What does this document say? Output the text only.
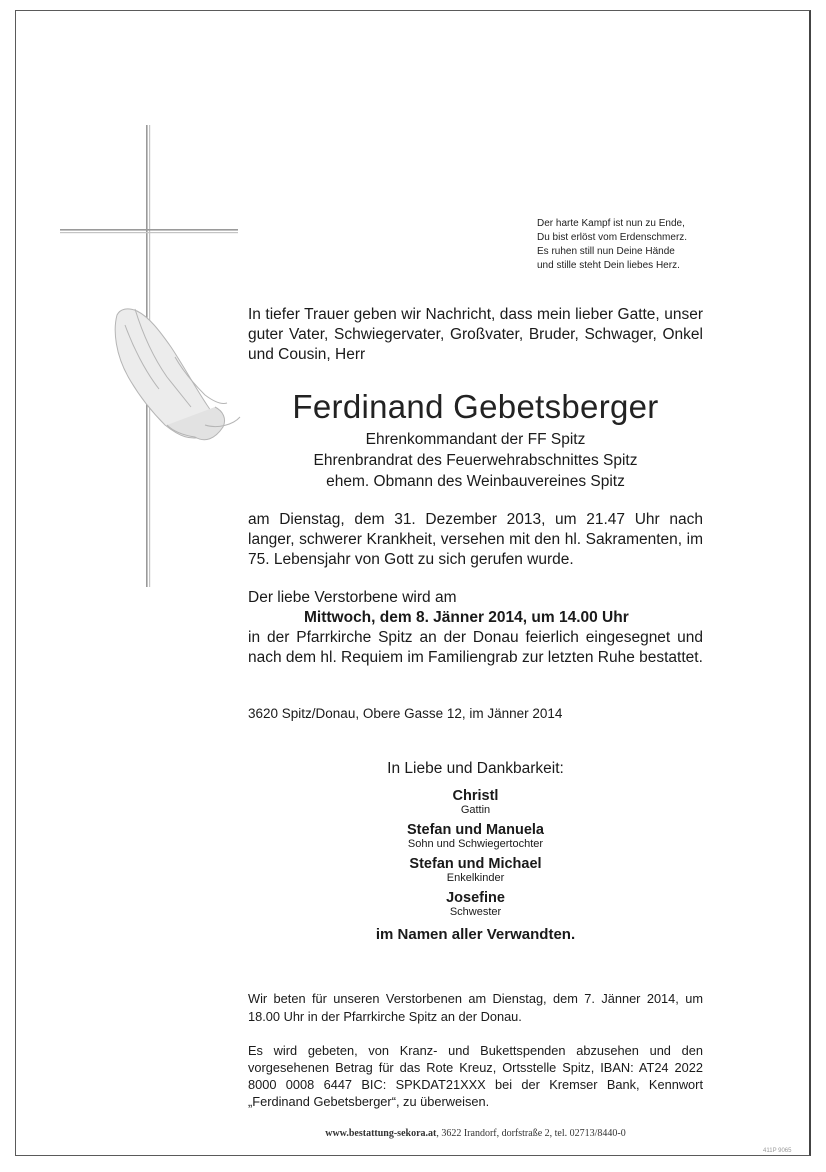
Der harte Kampf ist nun zu Ende,
Du bist erlöst vom Erdenschmerz.
Es ruhen still nun Deine Hände
und stille steht Dein liebes Herz.
In tiefer Trauer geben wir Nachricht, dass mein lieber Gatte, unser guter Vater, Schwiegervater, Großvater, Bruder, Schwager, Onkel und Cousin, Herr
Ferdinand Gebetsberger
Ehrenkommandant der FF Spitz
Ehrenbrandrat des Feuerwehrabschnittes Spitz
ehem. Obmann des Weinbauvereines Spitz
am Dienstag, dem 31. Dezember 2013, um 21.47 Uhr nach langer, schwerer Krankheit, versehen mit den hl. Sakramenten, im 75. Lebensjahr von Gott zu sich gerufen wurde.
Der liebe Verstorbene wird am
Mittwoch, dem 8. Jänner 2014, um 14.00 Uhr
in der Pfarrkirche Spitz an der Donau feierlich eingesegnet und nach dem hl. Requiem im Familiengrab zur letzten Ruhe bestattet.
3620 Spitz/Donau, Obere Gasse 12, im Jänner 2014
In Liebe und Dankbarkeit:
Christl
Gattin
Stefan und Manuela
Sohn und Schwiegertochter
Stefan und Michael
Enkelkinder
Josefine
Schwester
im Namen aller Verwandten.
Wir beten für unseren Verstorbenen am Dienstag, dem 7. Jänner 2014, um 18.00 Uhr in der Pfarrkirche Spitz an der Donau.
Es wird gebeten, von Kranz- und Bukettspenden abzusehen und den vorgesehenen Betrag für das Rote Kreuz, Ortsstelle Spitz, IBAN: AT24 2022 8000 0008 6447 BIC: SPKDAT21XXX bei der Kremser Bank, Kennwort „Ferdinand Gebetsberger“, zu überweisen.
www.bestattung-sekora.at, 3622 Irandorf, dorfstraße 2, tel. 02713/8440-0
411P 9065
